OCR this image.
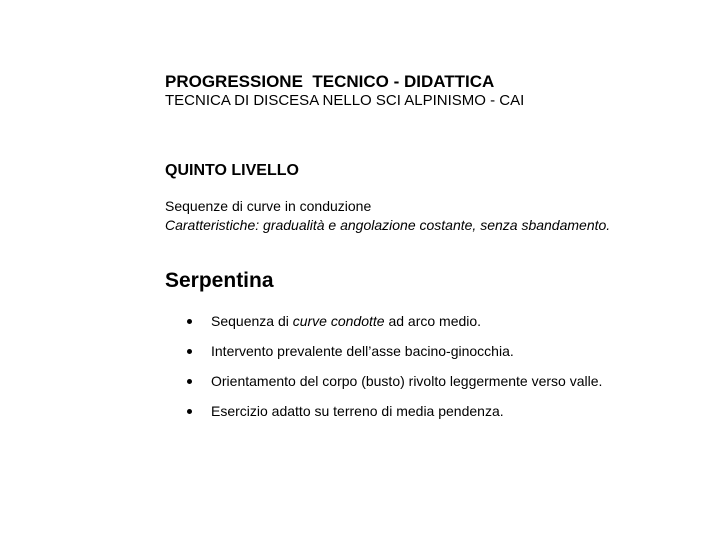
PROGRESSIONE  TECNICO - DIDATTICA

TECNICA DI DISCESA NELLO SCI ALPINISMO - CAI

QUINTO LIVELLO

Sequenze di curve in conduzione

Caratteristiche: gradualità e angolazione costante, senza sbandamento.

Serpentina
Sequenza di curve condotte ad arco medio.
Intervento prevalente dell’asse bacino-ginocchia.
Orientamento del corpo (busto) rivolto leggermente verso valle.
Esercizio adatto su terreno di media pendenza.
